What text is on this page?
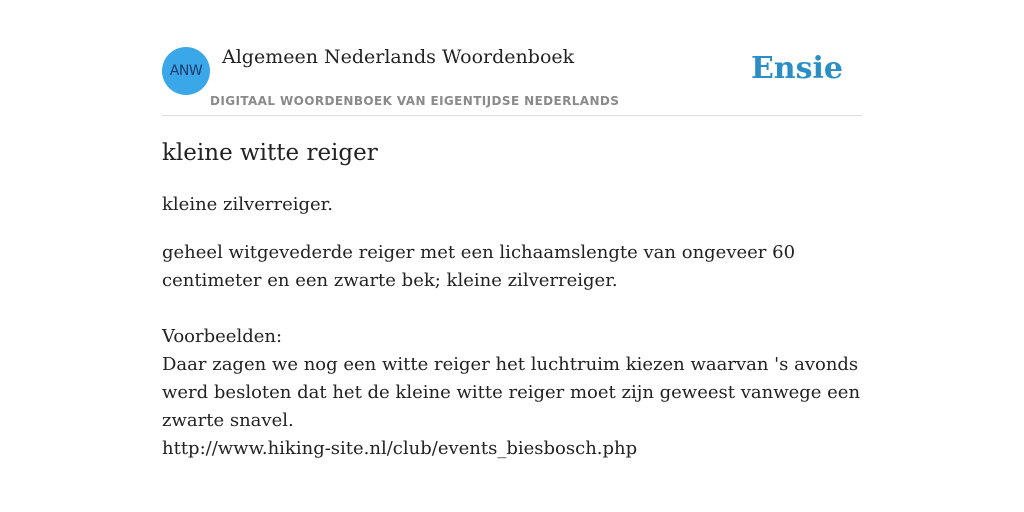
ANW
Algemeen Nederlands Woordenboek
DIGITAAL WOORDENBOEK VAN EIGENTIJDSE NEDERLANDS
Ensie
kleine witte reiger
kleine zilverreiger.
geheel witgevederde reiger met een lichaamslengte van ongeveer 60 centimeter en een zwarte bek; kleine zilverreiger.
Voorbeelden:
Daar zagen we nog een witte reiger het luchtruim kiezen waarvan 's avonds werd besloten dat het de kleine witte reiger moet zijn geweest vanwege een zwarte snavel.
http://www.hiking-site.nl/club/events_biesbosch.php
